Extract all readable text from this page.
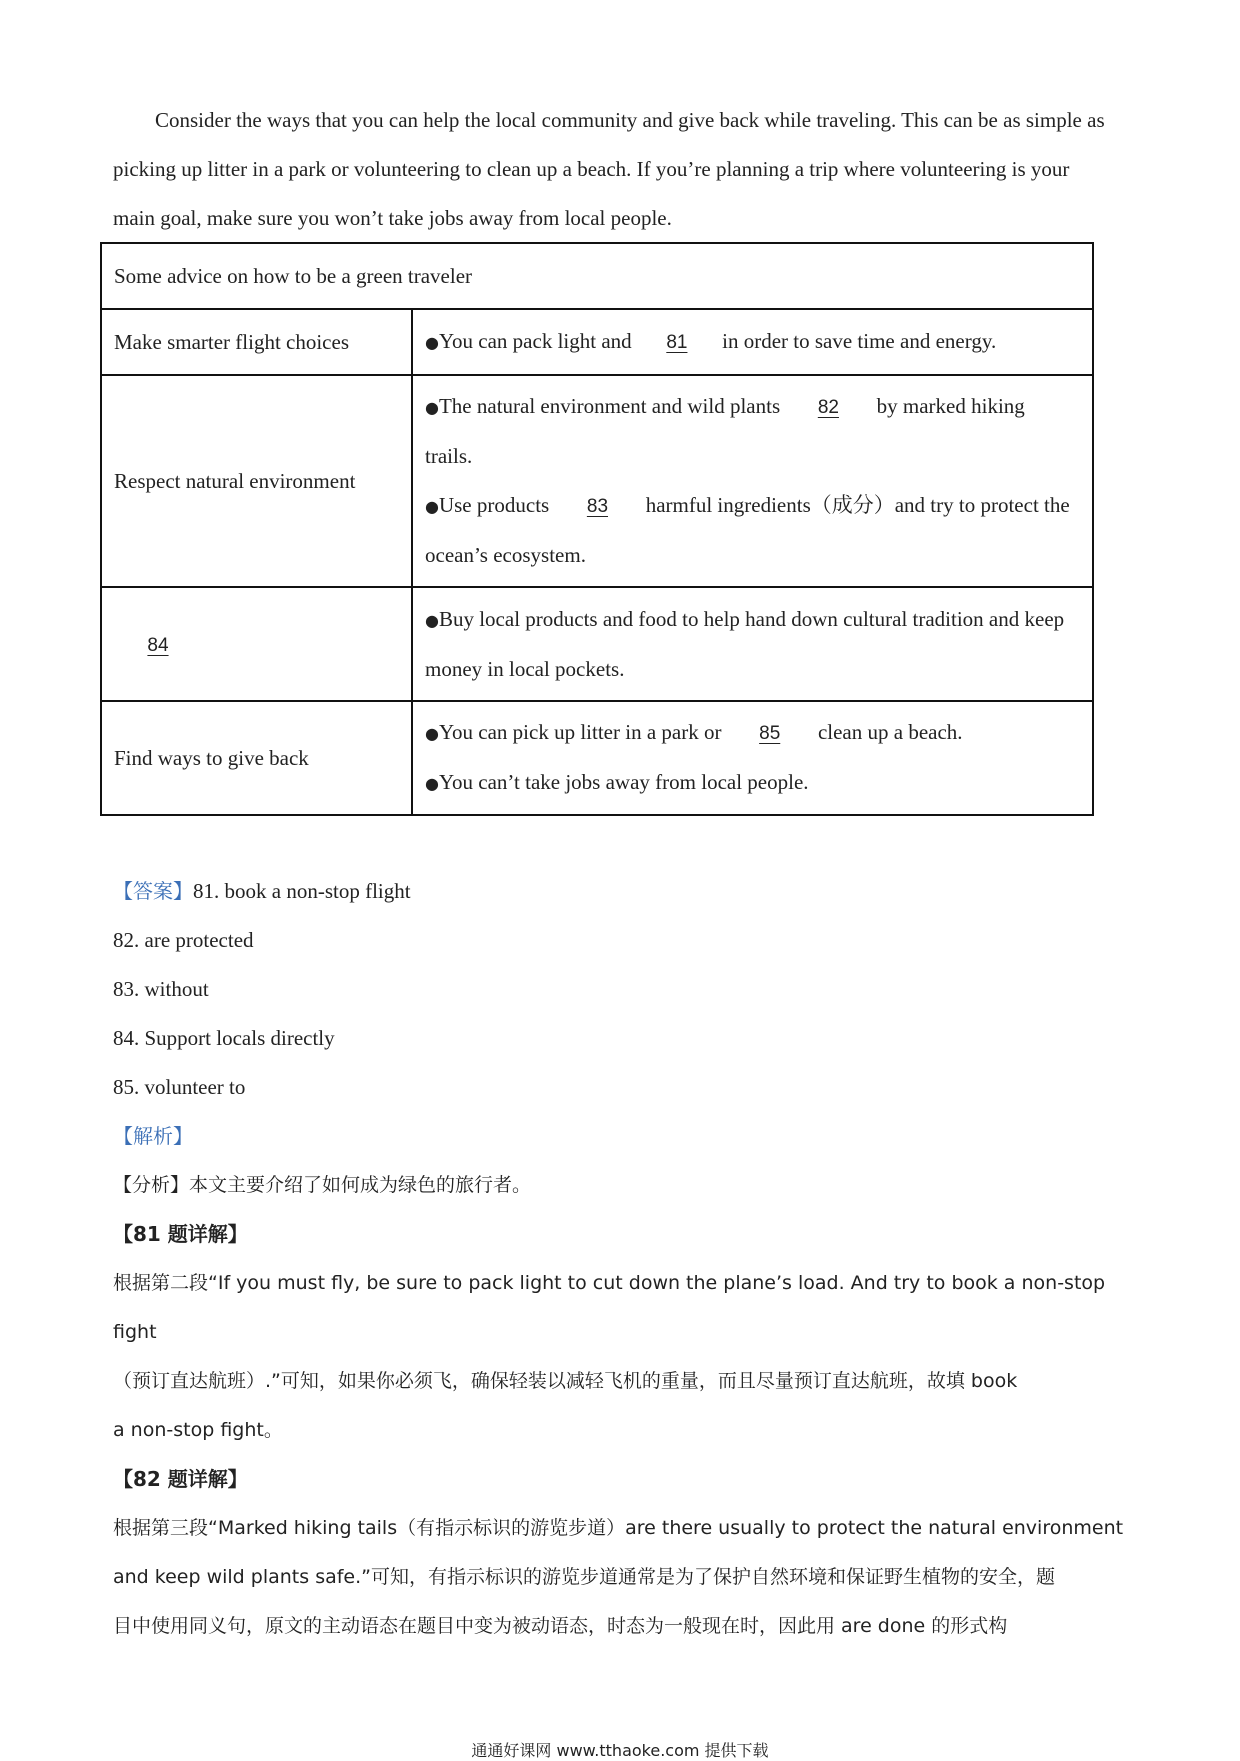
Consider the ways that you can help the local community and give back while traveling. This can be as simple as
picking up litter in a park or volunteering to clean up a beach. If you’re planning a trip where volunteering is your
main goal, make sure you won’t take jobs away from local people.

Some advice on how to be a green traveler	
Make smarter flight choices	●You can pack light and 81 in order to save time and energy.

Respect natural environment	●The natural environment and wild plants 82 by marked hiking
trails.
●Use products 83 harmful ingredients（成分）and try to protect the
ocean’s ecosystem.

84	●Buy local products and food to help hand down cultural tradition and keep
money in local pockets.

Find ways to give back	●You can pick up litter in a park or 85 clean up a beach.
●You can’t take jobs away from local people.
【答案】81. book a non-stop flight
82. are protected
83. without
84. Support locals directly
85. volunteer to
【解析】
【分析】本文主要介绍了如何成为绿色的旅行者。
【81 题详解】
根据第二段“If you must fly, be sure to pack light to cut down the plane’s load. And try to book a non-stop fight
（预订直达航班）.”可知，如果你必须飞，确保轻装以减轻飞机的重量，而且尽量预订直达航班，故填 book
a non-stop fight。
【82 题详解】
根据第三段“Marked hiking tails（有指示标识的游览步道）are there usually to protect the natural environment
and keep wild plants safe.”可知，有指示标识的游览步道通常是为了保护自然环境和保证野生植物的安全，题
目中使用同义句，原文的主动语态在题目中变为被动语态，时态为一般现在时，因此用 are done 的形式构
通通好课网 www.tthaoke.com 提供下载
